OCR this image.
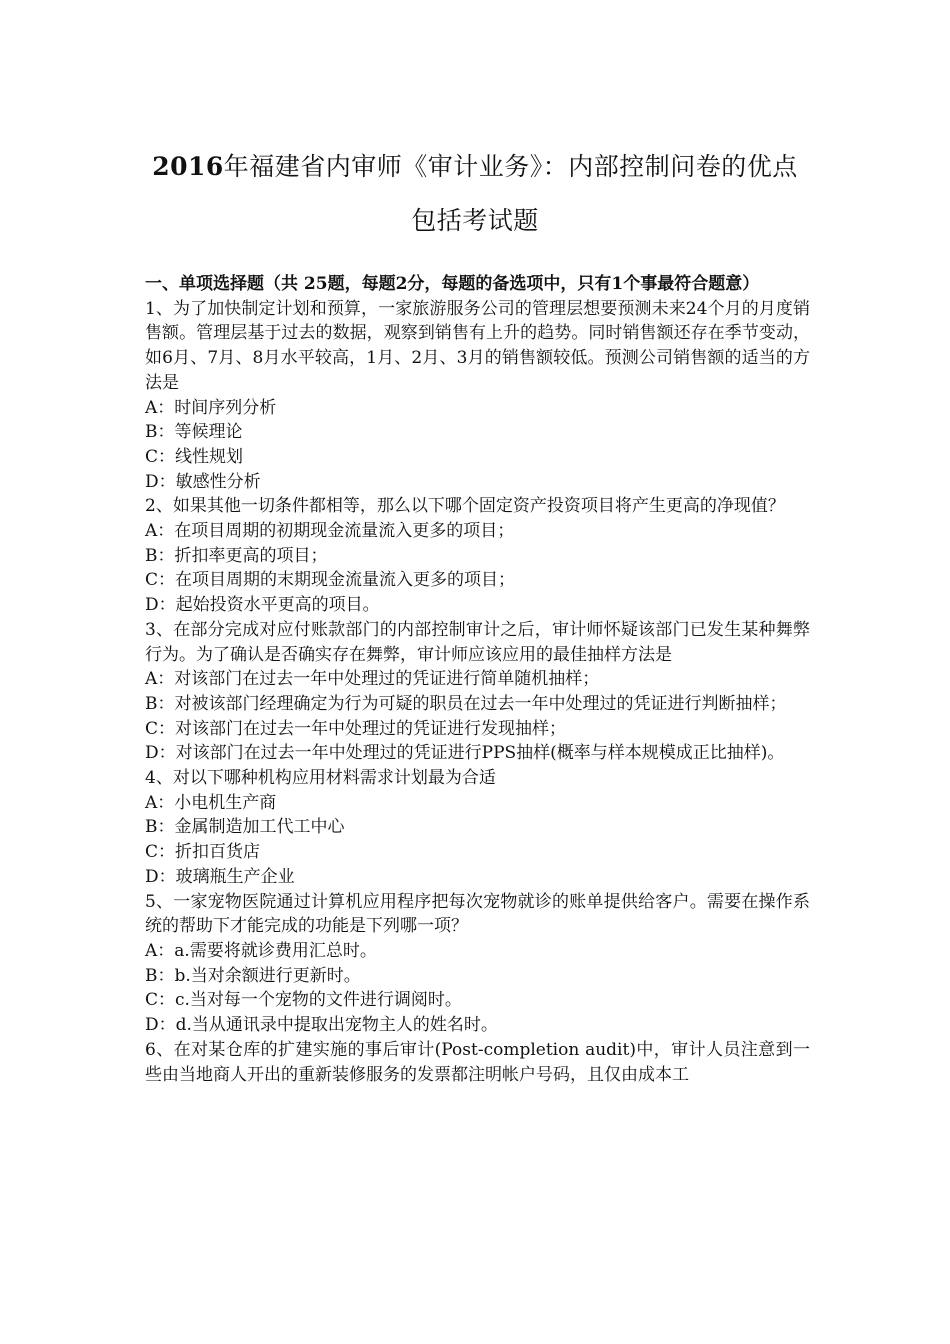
2016年福建省内审师《审计业务》：内部控制问卷的优点
包括考试题

一、单项选择题（共 25题，每题2分，每题的备选项中，只有1个事最符合题意）

1、为了加快制定计划和预算，一家旅游服务公司的管理层想要预测未来24个月的月度销售额。管理层基于过去的数据，观察到销售有上升的趋势。同时销售额还存在季节变动，如6月、7月、8月水平较高，1月、2月、3月的销售额较低。预测公司销售额的适当的方法是
A：时间序列分析
B：等候理论
C：线性规划
D：敏感性分析
2、如果其他一切条件都相等，那么以下哪个固定资产投资项目将产生更高的净现值？
A：在项目周期的初期现金流量流入更多的项目；
B：折扣率更高的项目；
C：在项目周期的末期现金流量流入更多的项目；
D：起始投资水平更高的项目。
3、在部分完成对应付账款部门的内部控制审计之后，审计师怀疑该部门已发生某种舞弊行为。为了确认是否确实存在舞弊，审计师应该应用的最佳抽样方法是
A：对该部门在过去一年中处理过的凭证进行简单随机抽样；
B：对被该部门经理确定为行为可疑的职员在过去一年中处理过的凭证进行判断抽样；
C：对该部门在过去一年中处理过的凭证进行发现抽样；
D：对该部门在过去一年中处理过的凭证进行PPS抽样(概率与样本规模成正比抽样)。
4、对以下哪种机构应用材料需求计划最为合适
A：小电机生产商
B：金属制造加工代工中心
C：折扣百货店
D：玻璃瓶生产企业
5、一家宠物医院通过计算机应用程序把每次宠物就诊的账单提供给客户。需要在操作系统的帮助下才能完成的功能是下列哪一项？
A：a.需要将就诊费用汇总时。
B：b.当对余额进行更新时。
C：c.当对每一个宠物的文件进行调阅时。
D：d.当从通讯录中提取出宠物主人的姓名时。
6、在对某仓库的扩建实施的事后审计(Post-completion audit)中，审计人员注意到一些由当地商人开出的重新装修服务的发票都注明帐户号码，且仅由成本工
